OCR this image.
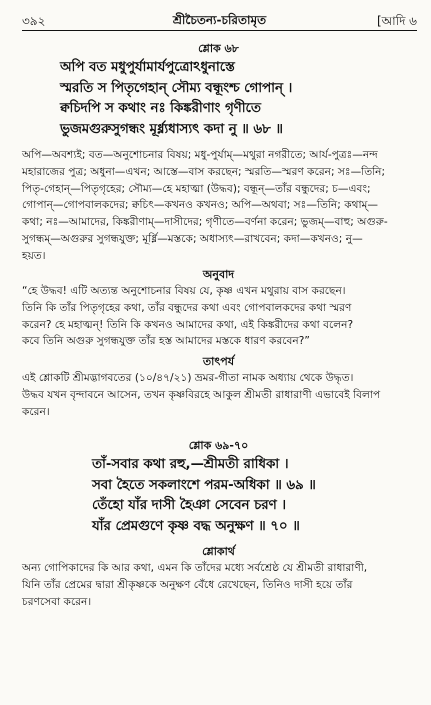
৩৯২	শ্রীচৈতন্য-চরিতামৃত	[আদি ৬
শ্লোক ৬৮
অপি বত মধুপুর্যামার্যপুত্রোঽধুনাস্তে
স্মরতি স পিতৃগেহান্‌ সৌম্য বন্ধূংশ্চ গোপান্‌ ।
ক্বচিদপি স কথাং নঃ কিঙ্করীণাং গৃণীতে
ভুজমগুরুসুগন্ধং মূর্ধ্ন্যধাস্যৎ কদা নু ॥ ৬৮ ॥

অপি—অবশ্যই; বত—অনুশোচনার বিষয়; মধু-পুর্যাম্‌—মথুরা নগরীতে; আর্য-পুত্রঃ—নন্দ

মহারাজের পুত্র; অধুনা—এখন; আস্তে—বাস করছেন; স্মরতি—স্মরণ করেন; সঃ—তিনি;

পিতৃ-গেহান্‌—পিতৃগৃহের; সৌম্য—হে মহাত্মা (উদ্ধব); বন্ধূন্‌—তাঁর বন্ধুদের; চ—এবং;

গোপান্‌—গোপবালকদের; ক্বচিৎ—কখনও কখনও; অপি—অথবা; সঃ—তিনি; কথাম্‌—

কথা; নঃ—আমাদের, কিঙ্করীণাম্‌—দাসীদের; গৃণীতে—বর্ণনা করেন; ভুজম্‌—বাহু; অগুরু-

সুগন্ধম্‌—অগুরুর সুগন্ধযুক্ত; মূর্ধ্নি—মস্তকে; অধাস্যৎ—রাখবেন; কদা—কখনও; নু—

হয়ত।

অনুবাদ

“হে উদ্ধব! এটি অত্যন্ত অনুশোচনার বিষয় যে, কৃষ্ণ এখন মথুরায় বাস করছেন।

তিনি কি তাঁর পিতৃগৃহের কথা, তাঁর বন্ধুদের কথা এবং গোপবালকদের কথা স্মরণ

করেন? হে মহাত্মন্‌! তিনি কি কখনও আমাদের কথা, এই কিঙ্করীদের কথা বলেন?

কবে তিনি অগুরু সুগন্ধযুক্ত তাঁর হস্ত আমাদের মস্তকে ধারণ করবেন?”

তাৎপর্য

এই শ্লোকটি শ্রীমদ্ভাগবতের (১০/৪৭/২১) ভ্রমর-গীতা নামক অধ্যায় থেকে উদ্ধৃত।

উদ্ধব যখন বৃন্দাবনে আসেন, তখন কৃষ্ণবিরহে আকুল শ্রীমতী রাধারাণী এভাবেই বিলাপ

করেন।

শ্লোক ৬৯-৭০
তাঁ-সবার কথা রহু,—শ্রীমতী রাধিকা ।
সবা হৈতে সকলাংশে পরম-অধিকা ॥ ৬৯ ॥
তেঁহো যাঁর দাসী হৈঞা সেবেন চরণ ।
যাঁর প্রেমগুণে কৃষ্ণ বদ্ধ অনুক্ষণ ॥ ৭০ ॥
শ্লোকার্থ

অন্য গোপিকাদের কি আর কথা, এমন কি তাঁদের মধ্যে সর্বশ্রেষ্ঠ যে শ্রীমতী রাধারাণী,

যিনি তাঁর প্রেমের দ্বারা শ্রীকৃষ্ণকে অনুক্ষণ বেঁধে রেখেছেন, তিনিও দাসী হয়ে তাঁর

চরণসেবা করেন।
